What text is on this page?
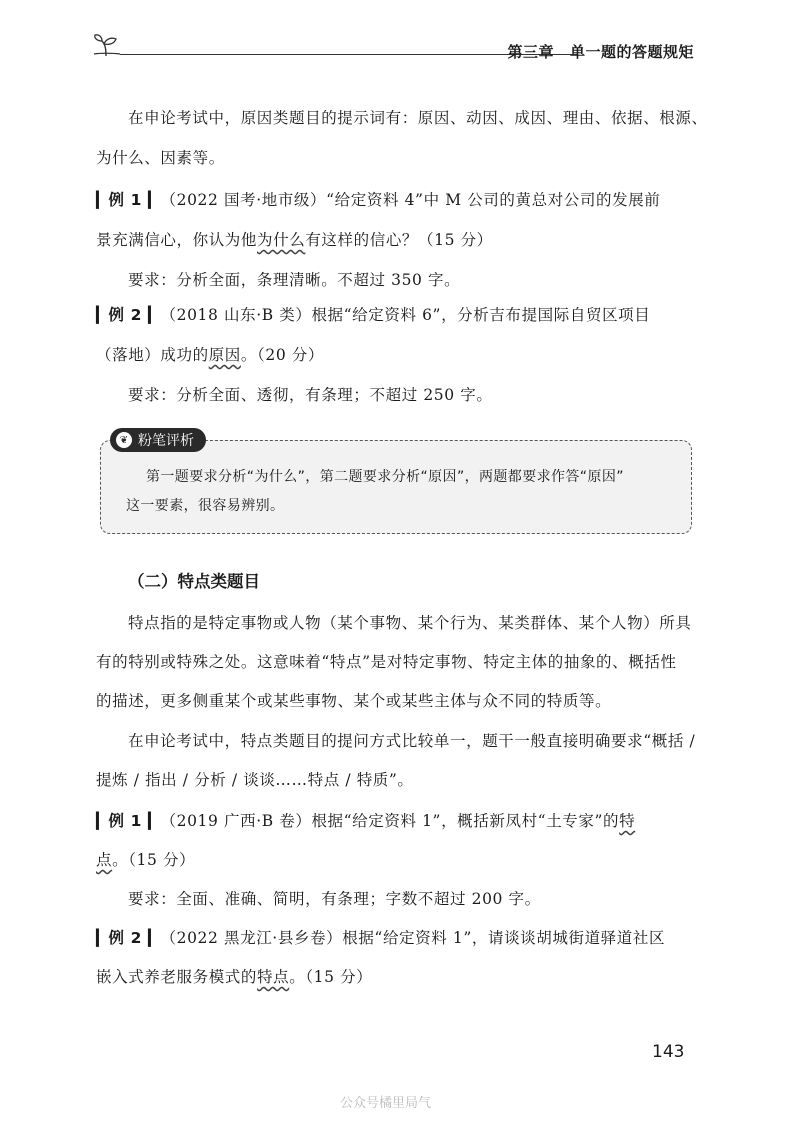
第三章 单一题的答题规矩
在申论考试中，原因类题目的提示词有：原因、动因、成因、理由、依据、根源、
为什么、因素等。
▎例 1 ▎（2022 国考·地市级）“给定资料 4”中 M 公司的黄总对公司的发展前
景充满信心，你认为他为什么有这样的信心？（15 分）
要求：分析全面，条理清晰。不超过 350 字。
▎例 2 ▎（2018 山东·B 类）根据“给定资料 6”，分析吉布提国际自贸区项目
（落地）成功的原因。（20 分）
要求：分析全面、透彻，有条理；不超过 250 字。
❦ 粉笔评析
第一题要求分析“为什么”，第二题要求分析“原因”，两题都要求作答“原因”
这一要素，很容易辨别。
（二）特点类题目
特点指的是特定事物或人物（某个事物、某个行为、某类群体、某个人物）所具
有的特别或特殊之处。这意味着“特点”是对特定事物、特定主体的抽象的、概括性
的描述，更多侧重某个或某些事物、某个或某些主体与众不同的特质等。
在申论考试中，特点类题目的提问方式比较单一，题干一般直接明确要求“概括 /
提炼 / 指出 / 分析 / 谈谈……特点 / 特质”。
▎例 1 ▎（2019 广西·B 卷）根据“给定资料 1”，概括新凤村“土专家”的特
点。（15 分）
要求：全面、准确、简明，有条理；字数不超过 200 字。
▎例 2 ▎（2022 黑龙江·县乡卷）根据“给定资料 1”，请谈谈胡城街道驿道社区
嵌入式养老服务模式的特点。（15 分）
143
公众号橘里局气
